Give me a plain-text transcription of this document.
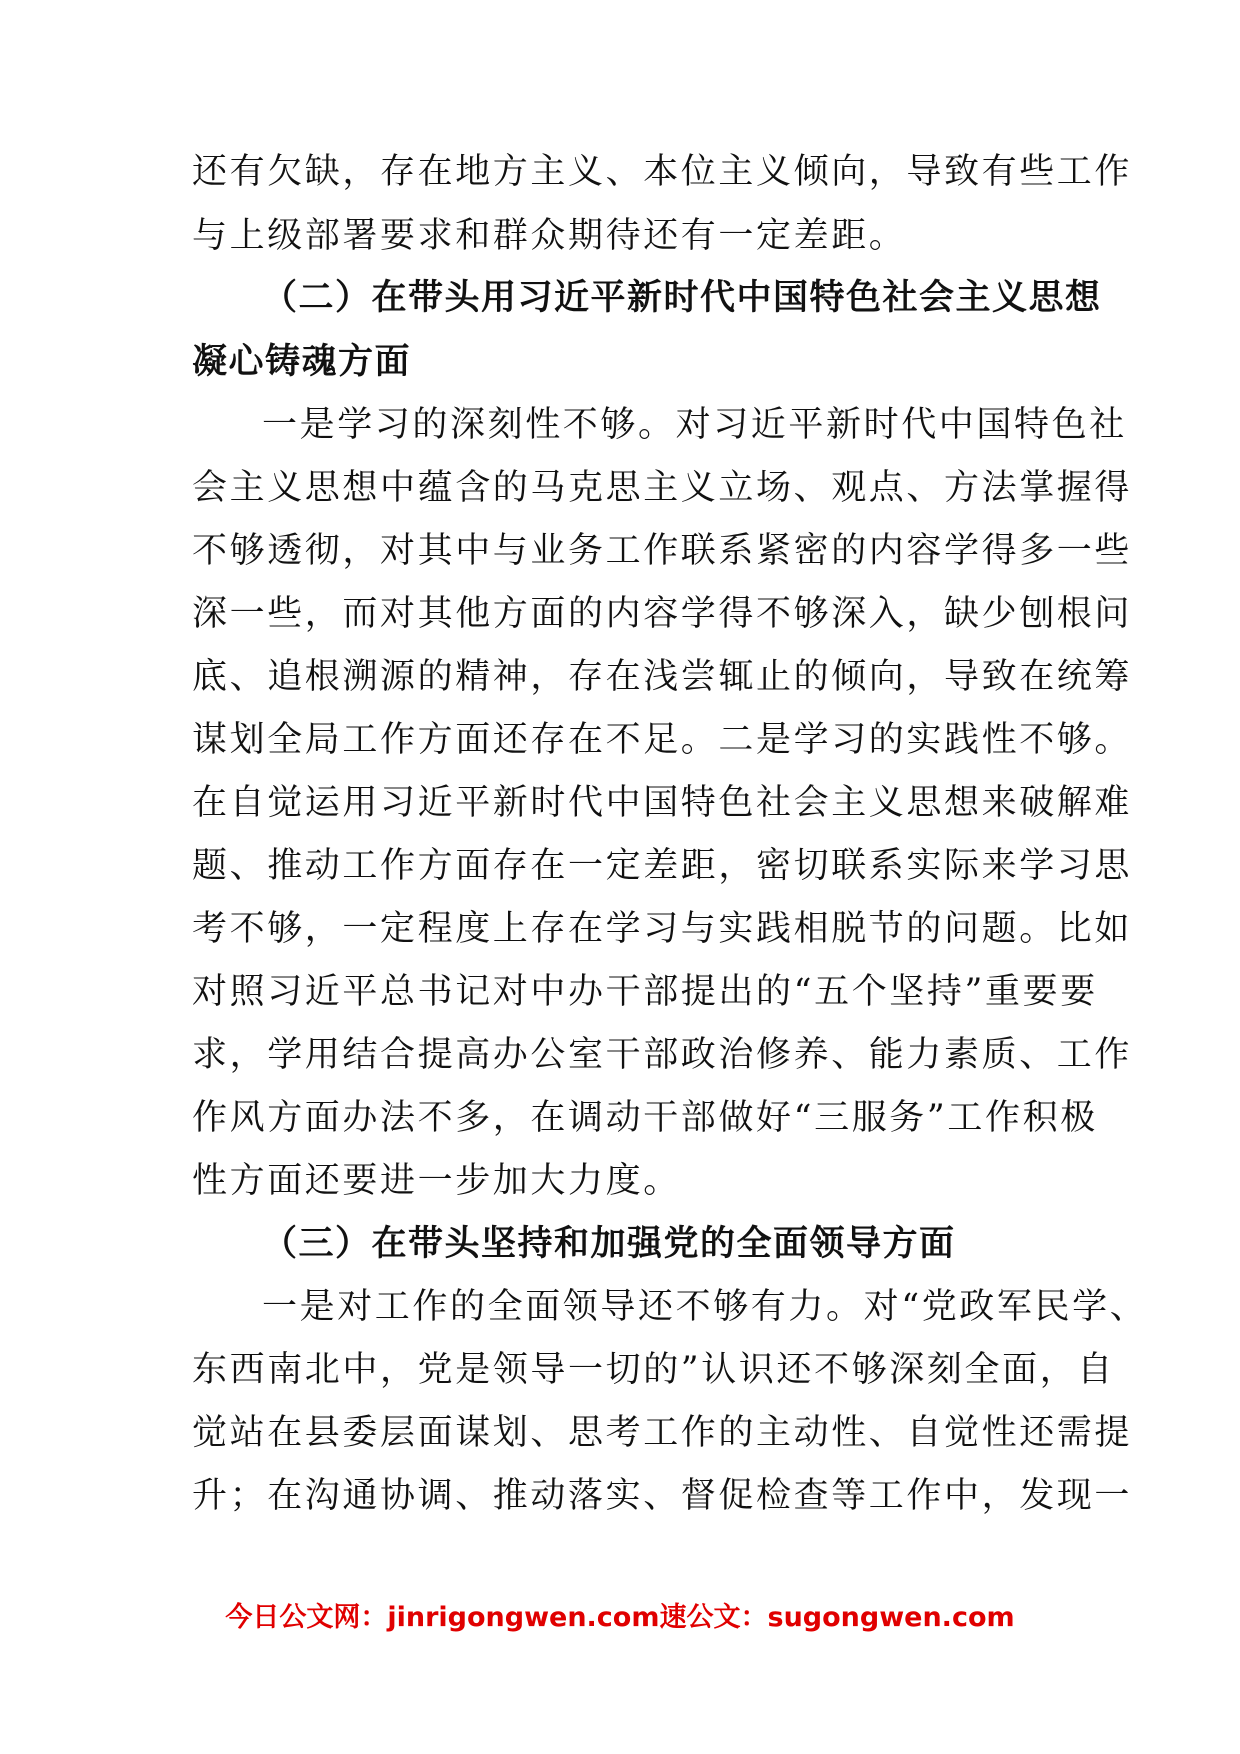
还有欠缺，存在地方主义、本位主义倾向，导致有些工作
与上级部署要求和群众期待还有一定差距。
（二）在带头用习近平新时代中国特色社会主义思想
凝心铸魂方面
一是学习的深刻性不够。对习近平新时代中国特色社
会主义思想中蕴含的马克思主义立场、观点、方法掌握得
不够透彻，对其中与业务工作联系紧密的内容学得多一些
深一些，而对其他方面的内容学得不够深入，缺少刨根问
底、追根溯源的精神，存在浅尝辄止的倾向，导致在统筹
谋划全局工作方面还存在不足。二是学习的实践性不够。
在自觉运用习近平新时代中国特色社会主义思想来破解难
题、推动工作方面存在一定差距，密切联系实际来学习思
考不够，一定程度上存在学习与实践相脱节的问题。比如
对照习近平总书记对中办干部提出的“五个坚持”重要要
求，学用结合提高办公室干部政治修养、能力素质、工作
作风方面办法不多，在调动干部做好“三服务”工作积极
性方面还要进一步加大力度。
（三）在带头坚持和加强党的全面领导方面
一是对工作的全面领导还不够有力。对“党政军民学、
东西南北中，党是领导一切的”认识还不够深刻全面，自
觉站在县委层面谋划、思考工作的主动性、自觉性还需提
升；在沟通协调、推动落实、督促检查等工作中，发现一
今日公文网：jinrigongwen.com速公文：sugongwen.com
